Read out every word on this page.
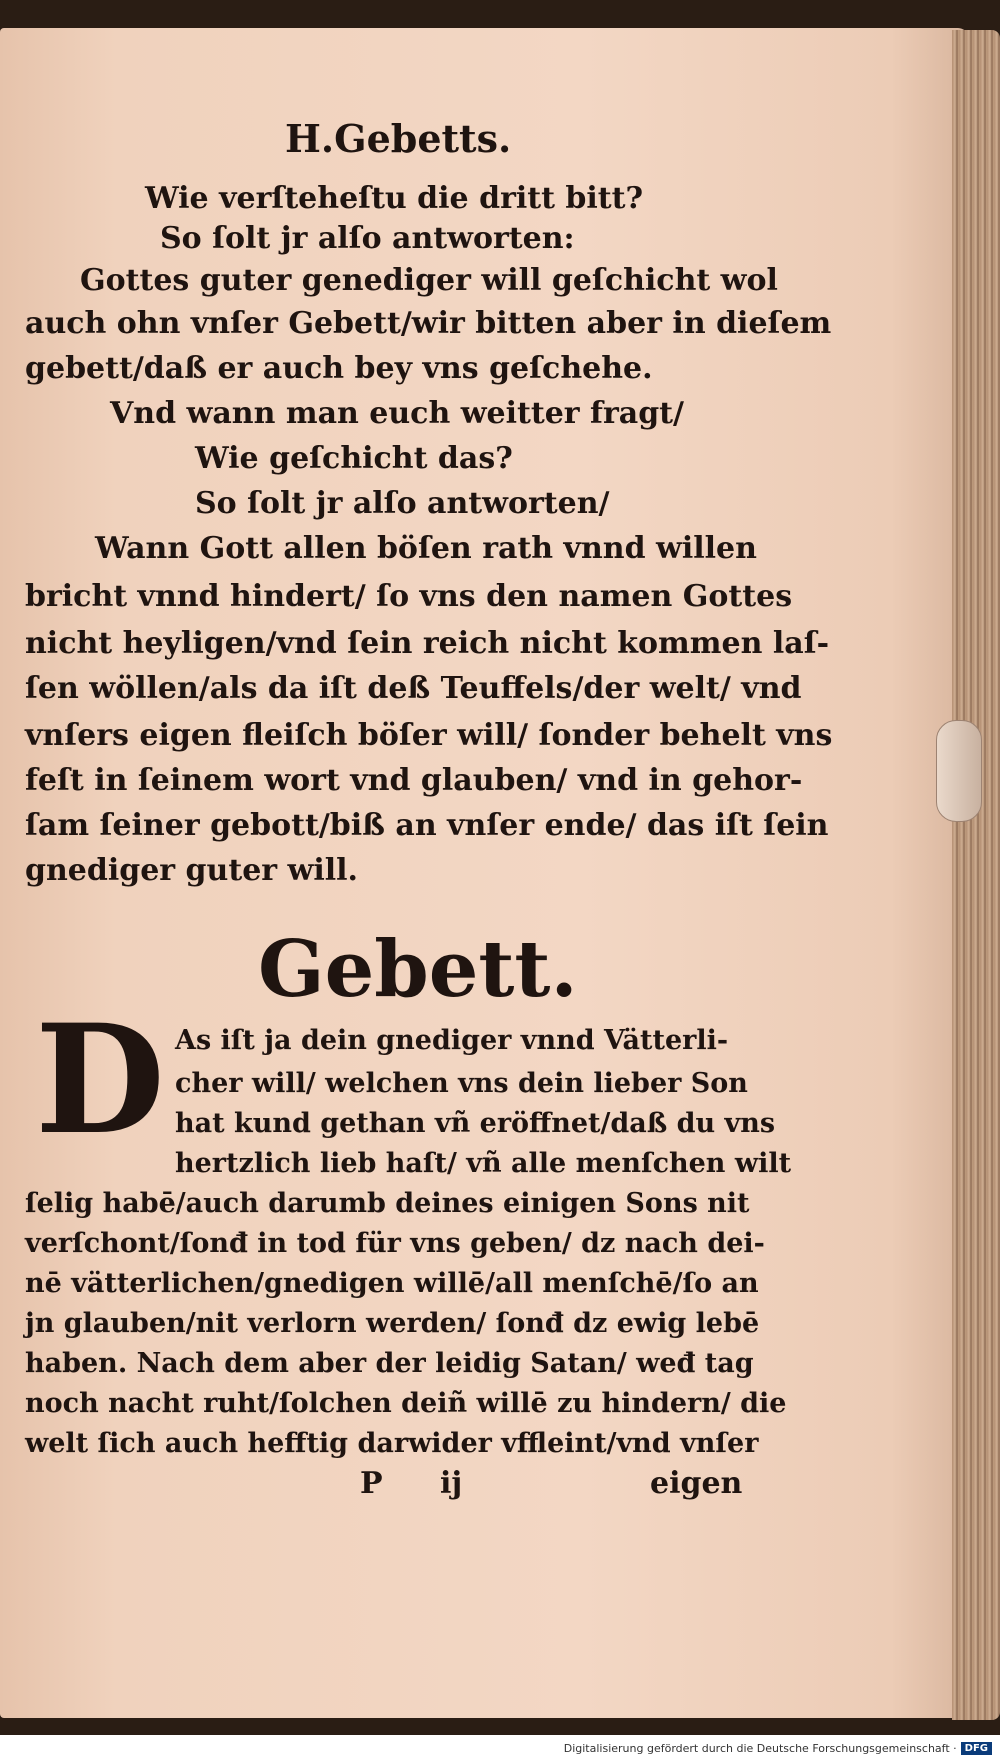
H.Gebetts.

Wie verſteheſtu die dritt bitt?

So ſolt jr alſo antworten:

Gottes guter genediger will geſchicht wol

auch ohn vnſer Gebett/wir bitten aber in dieſem

gebett/daß er auch bey vns geſchehe.

Vnd wann man euch weitter fragt/

Wie geſchicht das?

So ſolt jr alſo antworten/

Wann Gott allen böſen rath vnnd willen

bricht vnnd hindert/ ſo vns den namen Gottes

nicht heyligen/vnd ſein reich nicht kommen laſ-

ſen wöllen/als da iſt deß Teuffels/der welt/ vnd

vnſers eigen fleiſch böſer will/ ſonder behelt vns

feſt in ſeinem wort vnd glauben/ vnd in gehor-

ſam ſeiner gebott/biß an vnſer ende/ das iſt ſein

gnediger guter will.

Gebett.

D As iſt ja dein gnediger vnnd Vätterli-

cher will/ welchen vns dein lieber Son

hat kund gethan vñ eröffnet/daß du vns

hertzlich lieb haſt/ vñ alle menſchen wilt

ſelig habē/auch darumb deines einigen Sons nit

verſchont/ſonđ in tod für vns geben/ dz nach dei-

nē vätterlichen/gnedigen willē/all menſchē/ſo an

jn glauben/nit verlorn werden/ ſonđ dz ewig lebē

haben. Nach dem aber der leidig Satan/ weđ tag

noch nacht ruht/ſolchen deiñ willē zu hindern/ die

welt ſich auch hefftig darwider vffleint/vnd vnſer

P ij	eigen

Digitalisierung gefördert durch die Deutsche Forschungsgemeinschaft · DFG
